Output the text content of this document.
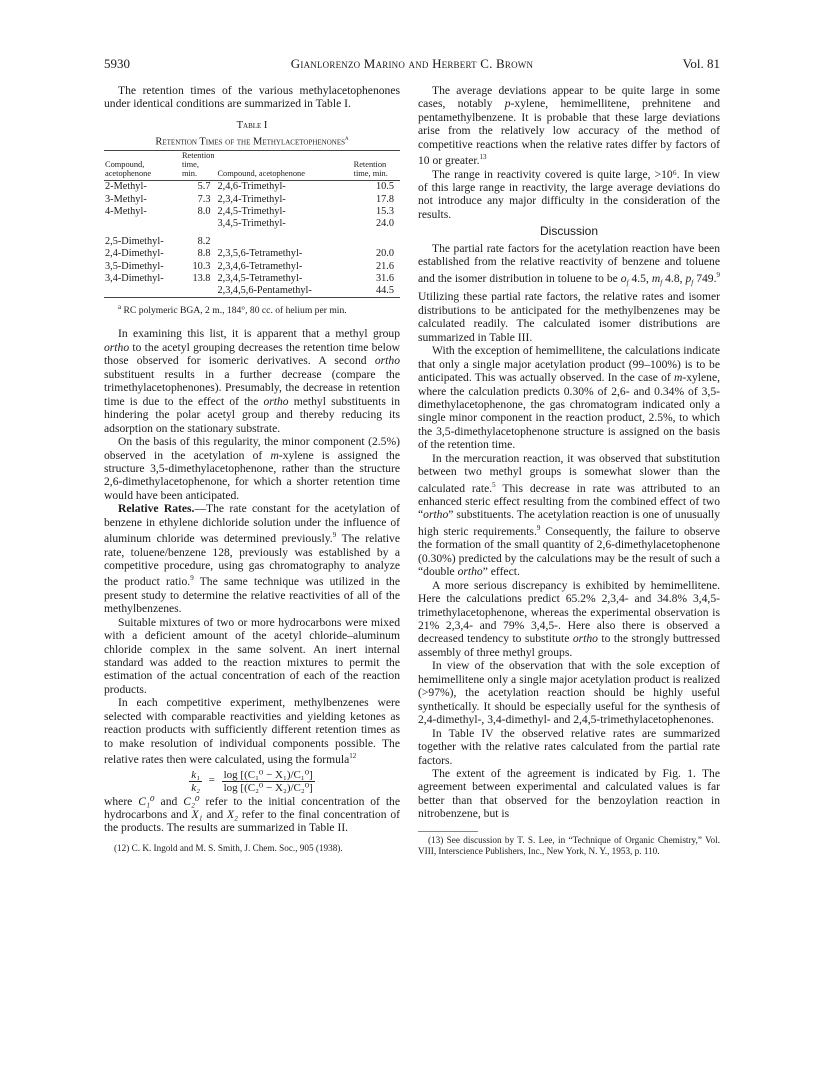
5930	Gianlorenzo Marino and Herbert C. Brown	Vol. 81

The retention times of the various methylacetophenones under identical conditions are summarized in Table I.

Table I
Retention Times of the Methylacetophenones$^a$
Compound, acetophenone	Retention time, min.	Compound, acetophenone	Retention time, min.
2-Methyl-	5.7	2,4,6-Trimethyl-	10.5
3-Methyl-	7.3	2,3,4-Trimethyl-	17.8
4-Methyl-	8.0	2,4,5-Trimethyl-	15.3
		3,4,5-Trimethyl-	24.0
2,5-Dimethyl-	8.2		
2,4-Dimethyl-	8.8	2,3,5,6-Tetramethyl-	20.0
3,5-Dimethyl-	10.3	2,3,4,6-Tetramethyl-	21.6
3,4-Dimethyl-	13.8	2,3,4,5-Tetramethyl-	31.6
		2,3,4,5,6-Pentamethyl-	44.5
$^a$ RC polymeric BGA, 2 m., 184°, 80 cc. of helium per min.

In examining this list, it is apparent that a methyl group ortho to the acetyl grouping decreases the retention time below those observed for isomeric derivatives. A second ortho substituent results in a further decrease (compare the trimethylacetophenones). Presumably, the decrease in retention time is due to the effect of the ortho methyl substituents in hindering the polar acetyl group and thereby reducing its adsorption on the stationary substrate.

On the basis of this regularity, the minor component (2.5%) observed in the acetylation of m-xylene is assigned the structure 3,5-dimethylacetophenone, rather than the structure 2,6-dimethylacetophenone, for which a shorter retention time would have been anticipated.

Relative Rates.—The rate constant for the acetylation of benzene in ethylene dichloride solution under the influence of aluminum chloride was determined previously.$^9$ The relative rate, toluene/benzene 128, previously was established by a competitive procedure, using gas chromatography to analyze the product ratio.$^9$ The same technique was utilized in the present study to determine the relative reactivities of all of the methylbenzenes.

Suitable mixtures of two or more hydrocarbons were mixed with a deficient amount of the acetyl chloride–aluminum chloride complex in the same solvent. An inert internal standard was added to the reaction mixtures to permit the estimation of the actual concentration of each of the reaction products.

In each competitive experiment, methylbenzenes were selected with comparable reactivities and yielding ketones as reaction products with sufficiently different retention times as to make resolution of individual components possible. The relative rates then were calculated, using the formula$^{12}$

$\frac{\text{k₁}}{\text{k₂}} = \frac{\text{log [(C₁⁰ − X₁)/C₁⁰]}}{\text{log [(C₂⁰ − X₂)/C₂⁰]}}$

where C₁⁰ and C₂⁰ refer to the initial concentration of the hydrocarbons and X₁ and X₂ refer to the final concentration of the products. The results are summarized in Table II.

(12) C. K. Ingold and M. S. Smith, J. Chem. Soc., 905 (1938).

The average deviations appear to be quite large in some cases, notably p-xylene, hemimellitene, prehnitene and pentamethylbenzene. It is probable that these large deviations arise from the relatively low accuracy of the method of competitive reactions when the relative rates differ by factors of 10 or greater.$^{13}$

The range in reactivity covered is quite large, >10⁶. In view of this large range in reactivity, the large average deviations do not introduce any major difficulty in the consideration of the results.

Discussion

The partial rate factors for the acetylation reaction have been established from the relative reactivity of benzene and toluene and the isomer distribution in toluene to be $o_f$ 4.5, $m_f$ 4.8, $p_f$ 749.$^9$ Utilizing these partial rate factors, the relative rates and isomer distributions to be anticipated for the methylbenzenes may be calculated readily. The calculated isomer distributions are summarized in Table III.

With the exception of hemimellitene, the calculations indicate that only a single major acetylation product (99–100%) is to be anticipated. This was actually observed. In the case of m-xylene, where the calculation predicts 0.30% of 2,6- and 0.34% of 3,5-dimethylacetophenone, the gas chromatogram indicated only a single minor component in the reaction product, 2.5%, to which the 3,5-dimethylacetophenone structure is assigned on the basis of the retention time.

In the mercuration reaction, it was observed that substitution between two methyl groups is somewhat slower than the calculated rate.$^5$ This decrease in rate was attributed to an enhanced steric effect resulting from the combined effect of two “ortho” substituents. The acetylation reaction is one of unusually high steric requirements.$^9$ Consequently, the failure to observe the formation of the small quantity of 2,6-dimethylacetophenone (0.30%) predicted by the calculations may be the result of such a “double ortho” effect.

A more serious discrepancy is exhibited by hemimellitene. Here the calculations predict 65.2% 2,3,4- and 34.8% 3,4,5-trimethylacetophenone, whereas the experimental observation is 21% 2,3,4- and 79% 3,4,5-. Here also there is observed a decreased tendency to substitute ortho to the strongly buttressed assembly of three methyl groups.

In view of the observation that with the sole exception of hemimellitene only a single major acetylation product is realized (>97%), the acetylation reaction should be highly useful synthetically. It should be especially useful for the synthesis of 2,4-dimethyl-, 3,4-dimethyl- and 2,4,5-trimethylacetophenones.

In Table IV the observed relative rates are summarized together with the relative rates calculated from the partial rate factors.

The extent of the agreement is indicated by Fig. 1. The agreement between experimental and calculated values is far better than that observed for the benzoylation reaction in nitrobenzene, but is

(13) See discussion by T. S. Lee, in “Technique of Organic Chemistry,” Vol. VIII, Interscience Publishers, Inc., New York, N. Y., 1953, p. 110.
